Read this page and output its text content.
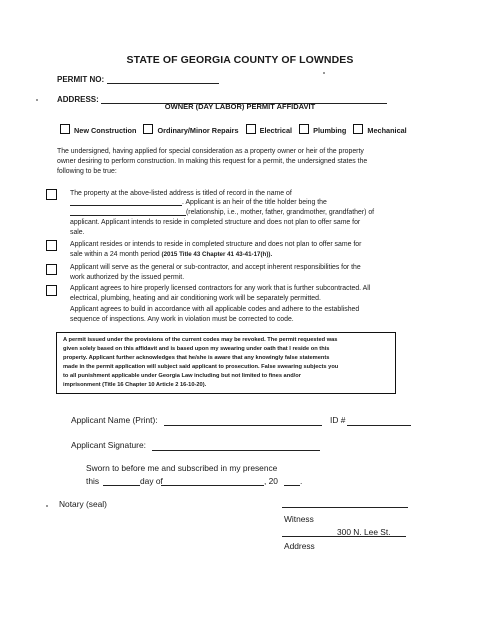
STATE OF GEORGIA COUNTY OF LOWNDES
PERMIT NO:
ADDRESS:
OWNER (DAY LABOR) PERMIT AFFIDAVIT
New Construction	Ordinary/Minor Repairs	Electrical	Plumbing	Mechanical
The undersigned, having applied for special consideration as a property owner or heir of the property
owner desiring to perform construction. In making this request for a permit, the undersigned states the
following to be true:
The property at the above-listed address is titled of record in the name of
. Applicant is an heir of the title holder being the
(relationship, i.e., mother, father, grandmother, grandfather) of
applicant. Applicant intends to reside in completed structure and does not plan to offer same for
sale.
Applicant resides or intends to reside in completed structure and does not plan to offer same for
sale within a 24 month period (2015 Title 43 Chapter 41 43-41-17(h)).
Applicant will serve as the general or sub-contractor, and accept inherent responsibilities for the
work authorized by the issued permit.
Applicant agrees to hire properly licensed contractors for any work that is further subcontracted. All
electrical, plumbing, heating and air conditioning work will be separately permitted.
Applicant agrees to build in accordance with all applicable codes and adhere to the established
sequence of inspections. Any work in violation must be corrected to code.
A permit issued under the provisions of the current codes may be revoked. The permit requested was
given solely based on this affidavit and is based upon my swearing under oath that I reside on this
property. Applicant further acknowledges that he/she is aware that any knowingly false statements
made in the permit application will subject said applicant to prosecution. False swearing subjects you
to all punishment applicable under Georgia Law including but not limited to fines and/or
imprisonment (Title 16 Chapter 10 Article 2 16-10-20).
Applicant Name (Print):	ID #
Applicant Signature:
Sworn to before me and subscribed in my presence
this	day of	, 20	.
Notary (seal)
Witness
300 N. Lee St.
Address
